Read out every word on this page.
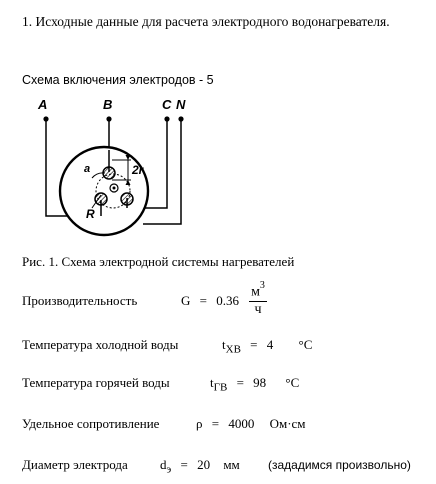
1. Исходные данные для расчета электродного водонагревателя.
Схема включения электродов - 5
A	B	C N
2r
a
R
Рис. 1. Схема электродной системы нагревателей
Производительность	G = 0.36
$м^3$
ч
Температура холодной воды	$t_{ХВ} = 4$ °С
Температура горячей воды	$t_{ГВ} = 98$ °С
Удельное сопротивление	ρ = 4000 Ом·см
Диаметр электрода $d_э = 20$ мм (зададимся произвольно)
